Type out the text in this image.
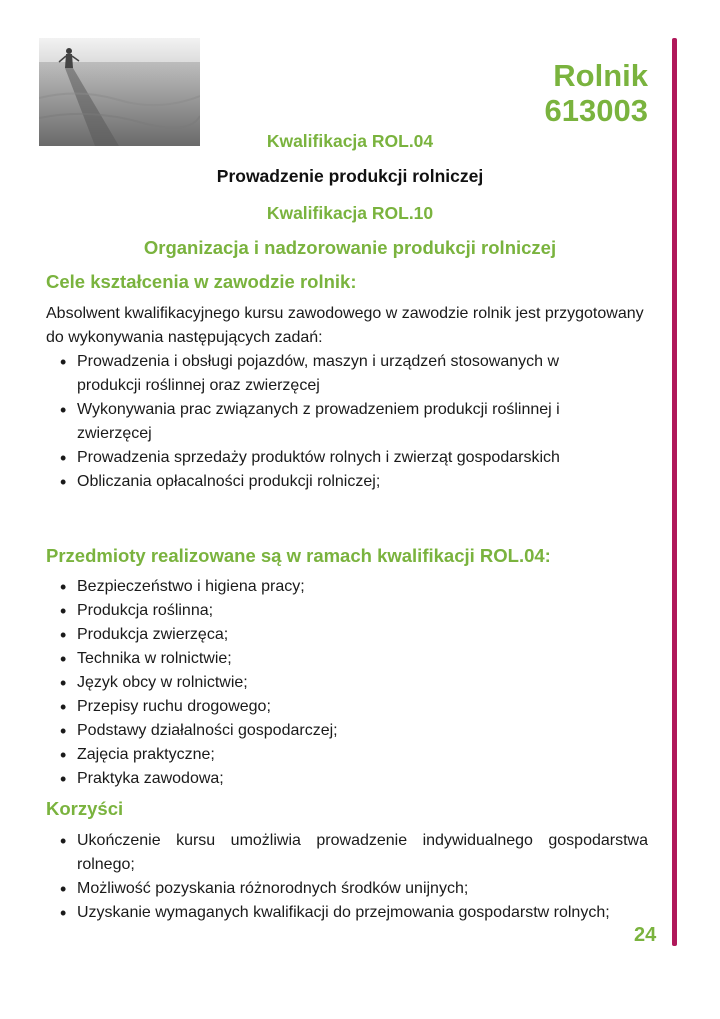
Rolnik
613003
Kwalifikacja ROL.04
Prowadzenie produkcji rolniczej
Kwalifikacja ROL.10
Organizacja i nadzorowanie produkcji rolniczej
Cele kształcenia w zawodzie rolnik:

Absolwent kwalifikacyjnego kursu zawodowego w zawodzie rolnik jest przygotowany do wykonywania następujących zadań:

• Prowadzenia i obsługi pojazdów, maszyn i urządzeń stosowanych w produkcji roślinnej oraz zwierzęcej
• Wykonywania prac związanych z prowadzeniem produkcji roślinnej i zwierzęcej
• Prowadzenia sprzedaży produktów rolnych i zwierząt gospodarskich
• Obliczania opłacalności produkcji rolniczej;
Przedmioty realizowane są w ramach kwalifikacji ROL.04:
• Bezpieczeństwo i higiena pracy;
• Produkcja roślinna;
• Produkcja zwierzęca;
• Technika w rolnictwie;
• Język obcy w rolnictwie;
• Przepisy ruchu drogowego;
• Podstawy działalności gospodarczej;
• Zajęcia praktyczne;
• Praktyka zawodowa;
Korzyści
• Ukończenie kursu umożliwia prowadzenie indywidualnego gospodarstwa rolnego;
• Możliwość pozyskania różnorodnych środków unijnych;
• Uzyskanie wymaganych kwalifikacji do przejmowania gospodarstw rolnych;
24
